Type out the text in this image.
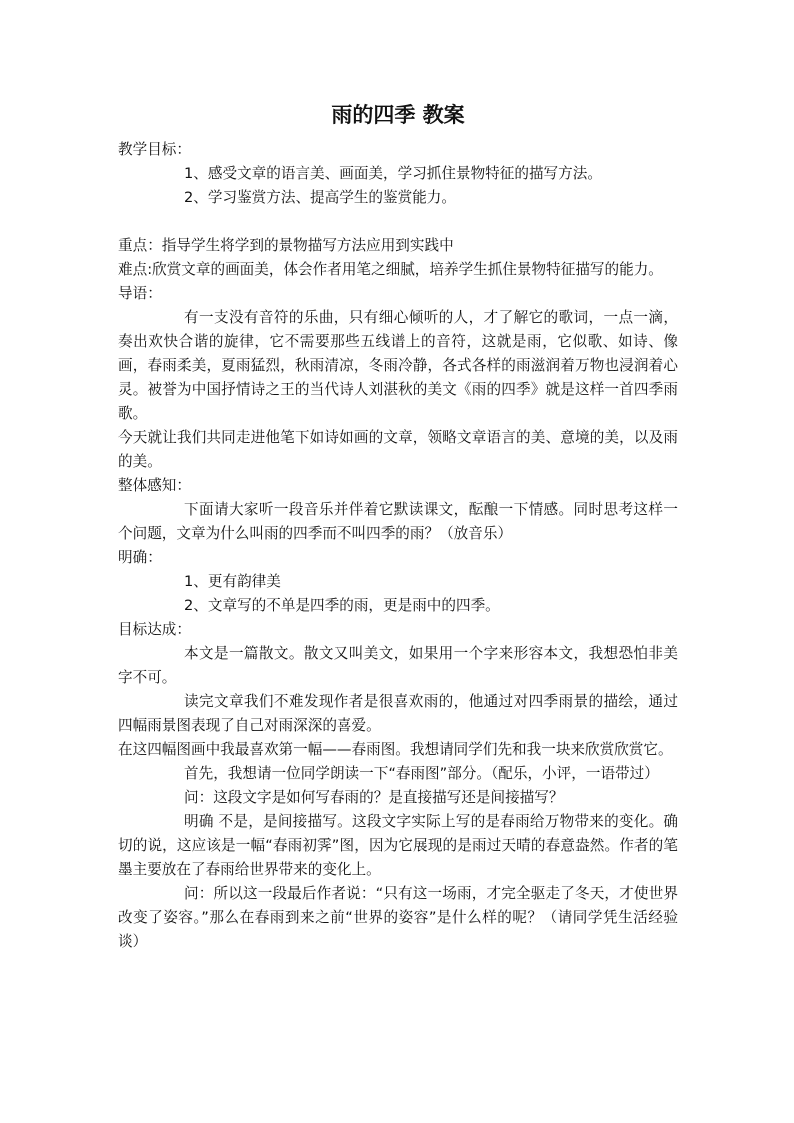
雨的四季 教案

教学目标：

1、感受文章的语言美、画面美，学习抓住景物特征的描写方法。

2、学习鉴赏方法、提高学生的鉴赏能力。

重点：指导学生将学到的景物描写方法应用到实践中

难点:欣赏文章的画面美，体会作者用笔之细腻，培养学生抓住景物特征描写的能力。

导语：

有一支没有音符的乐曲，只有细心倾听的人，才了解它的歌词，一点一滴，奏出欢快合谐的旋律，它不需要那些五线谱上的音符，这就是雨，它似歌、如诗、像画，春雨柔美，夏雨猛烈，秋雨清凉，冬雨冷静，各式各样的雨滋润着万物也浸润着心灵。被誉为中国抒情诗之王的当代诗人刘湛秋的美文《雨的四季》就是这样一首四季雨歌。

今天就让我们共同走进他笔下如诗如画的文章，领略文章语言的美、意境的美，以及雨的美。

整体感知：

下面请大家听一段音乐并伴着它默读课文，酝酿一下情感。同时思考这样一个问题，文章为什么叫雨的四季而不叫四季的雨？（放音乐）

明确：

1、更有韵律美

2、文章写的不单是四季的雨，更是雨中的四季。

目标达成：

本文是一篇散文。散文又叫美文，如果用一个字来形容本文，我想恐怕非美字不可。

读完文章我们不难发现作者是很喜欢雨的，他通过对四季雨景的描绘，通过四幅雨景图表现了自己对雨深深的喜爱。

在这四幅图画中我最喜欢第一幅——春雨图。我想请同学们先和我一块来欣赏欣赏它。

首先，我想请一位同学朗读一下“春雨图”部分。（配乐，小评，一语带过）

问：这段文字是如何写春雨的？是直接描写还是间接描写？

明确 不是，是间接描写。这段文字实际上写的是春雨给万物带来的变化。确切的说，这应该是一幅“春雨初霁”图，因为它展现的是雨过天晴的春意盎然。作者的笔墨主要放在了春雨给世界带来的变化上。

问：所以这一段最后作者说：“只有这一场雨，才完全驱走了冬天，才使世界改变了姿容。”那么在春雨到来之前“世界的姿容”是什么样的呢？（请同学凭生活经验谈）
